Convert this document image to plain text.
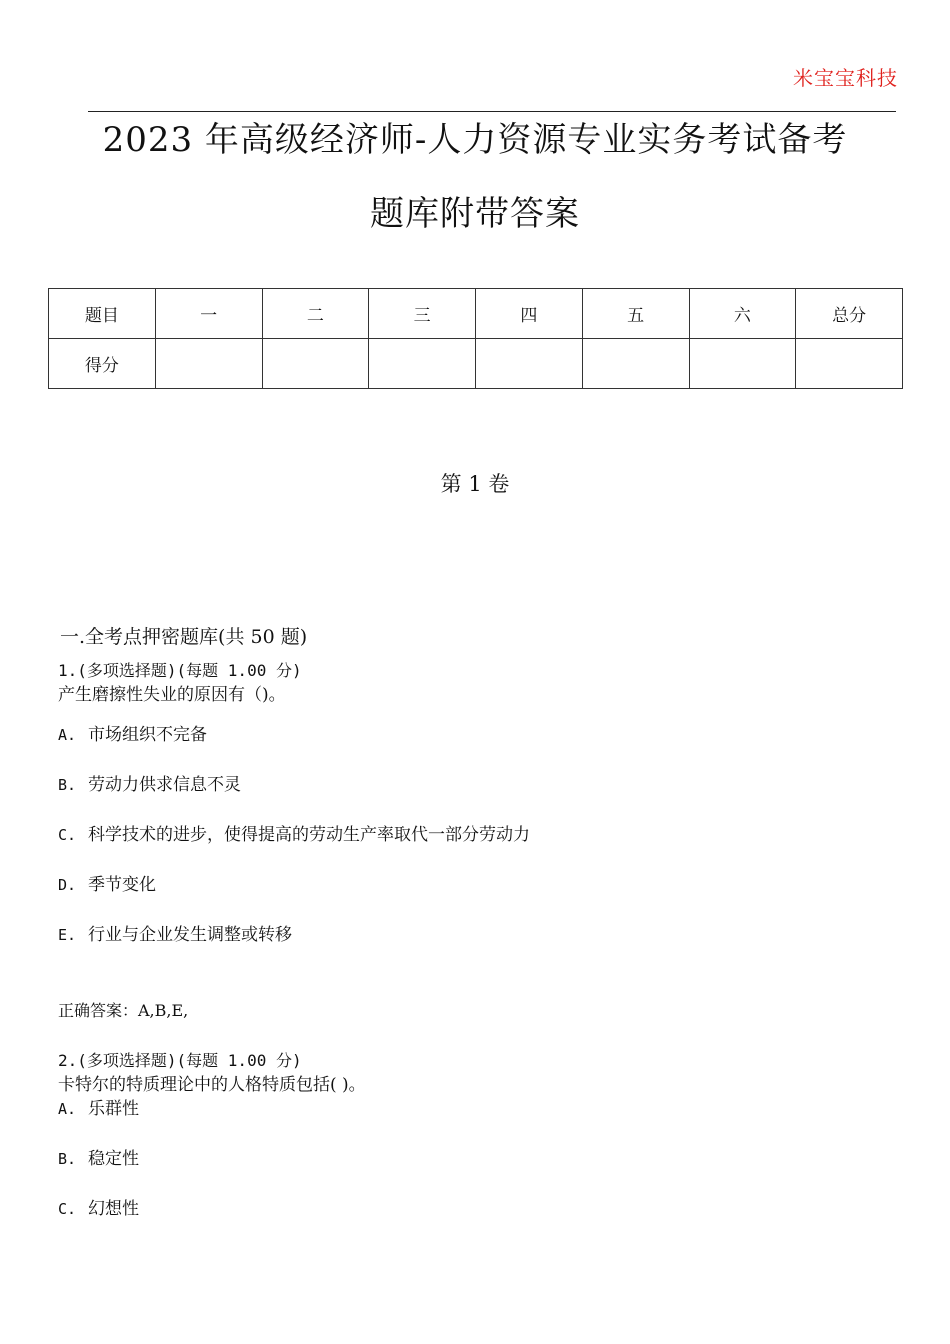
米宝宝科技
2023 年高级经济师-人力资源专业实务考试备考
题库附带答案
题目	一	二	三	四	五	六	总分
得分							
第 1 卷
一.全考点押密题库(共 50 题)
1.(多项选择题)(每题 1.00 分)
产生磨擦性失业的原因有（)。
A. 市场组织不完备
B. 劳动力供求信息不灵
C. 科学技术的进步，使得提高的劳动生产率取代一部分劳动力
D. 季节变化
E. 行业与企业发生调整或转移
正确答案：A,B,E,
2.(多项选择题)(每题 1.00 分)
卡特尔的特质理论中的人格特质包括( )。
A. 乐群性
B. 稳定性
C. 幻想性
